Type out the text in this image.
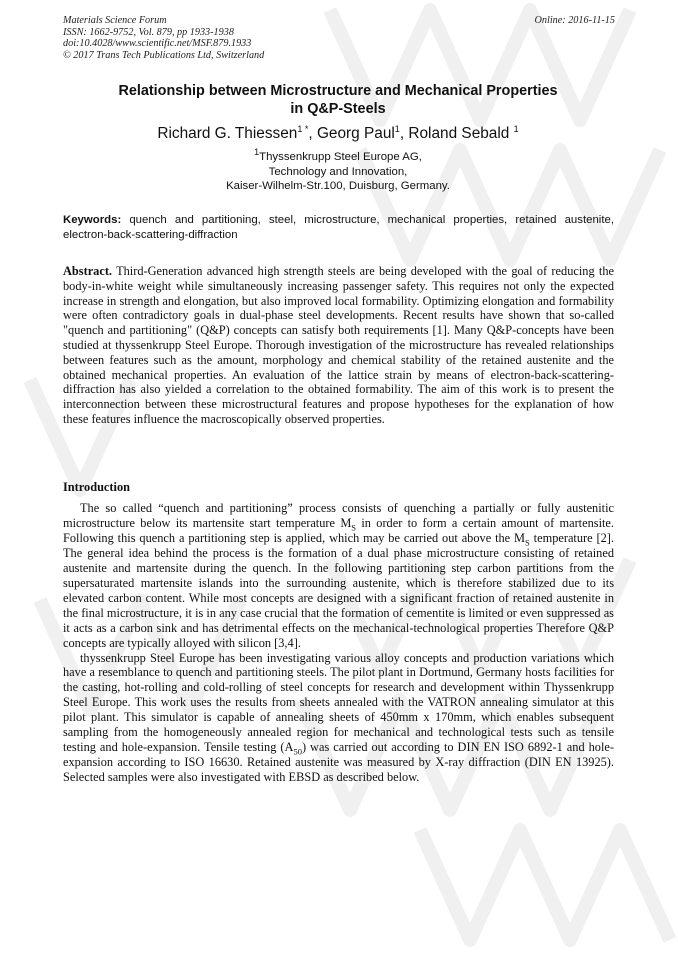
Materials Science Forum
ISSN: 1662-9752, Vol. 879, pp 1933-1938
doi:10.4028/www.scientific.net/MSF.879.1933
© 2017 Trans Tech Publications Ltd, Switzerland
Online: 2016-11-15
Relationship between Microstructure and Mechanical Properties
in Q&P-Steels
Richard G. Thiessen$^{1 *}$, Georg Paul$^1$, Roland Sebald $^1$
$^1$Thyssenkrupp Steel Europe AG,
Technology and Innovation,
Kaiser-Wilhelm-Str.100, Duisburg, Germany.
Keywords: quench and partitioning, steel, microstructure, mechanical properties, retained austenite, electron-back-scattering-diffraction

Abstract. Third-Generation advanced high strength steels are being developed with the goal of reducing the body-in-white weight while simultaneously increasing passenger safety. This requires not only the expected increase in strength and elongation, but also improved local formability. Optimizing elongation and formability were often contradictory goals in dual-phase steel developments. Recent results have shown that so-called "quench and partitioning" (Q&P) concepts can satisfy both requirements [1]. Many Q&P-concepts have been studied at thyssenkrupp Steel Europe. Thorough investigation of the microstructure has revealed relationships between features such as the amount, morphology and chemical stability of the retained austenite and the obtained mechanical properties. An evaluation of the lattice strain by means of electron-back-scattering-diffraction has also yielded a correlation to the obtained formability. The aim of this work is to present the interconnection between these microstructural features and propose hypotheses for the explanation of how these features influence the macroscopically observed properties.

Introduction

The so called “quench and partitioning” process consists of quenching a partially or fully austenitic microstructure below its martensite start temperature $M_S$ in order to form a certain amount of martensite. Following this quench a partitioning step is applied, which may be carried out above the $M_S$ temperature [2]. The general idea behind the process is the formation of a dual phase microstructure consisting of retained austenite and martensite during the quench. In the following partitioning step carbon partitions from the supersaturated martensite islands into the surrounding austenite, which is therefore stabilized due to its elevated carbon content. While most concepts are designed with a significant fraction of retained austenite in the final microstructure, it is in any case crucial that the formation of cementite is limited or even suppressed as it acts as a carbon sink and has detrimental effects on the mechanical-technological properties Therefore Q&P concepts are typically alloyed with silicon [3,4].

thyssenkrupp Steel Europe has been investigating various alloy concepts and production variations which have a resemblance to quench and partitioning steels. The pilot plant in Dortmund, Germany hosts facilities for the casting, hot-rolling and cold-rolling of steel concepts for research and development within Thyssenkrupp Steel Europe. This work uses the results from sheets annealed with the VATRON annealing simulator at this pilot plant. This simulator is capable of annealing sheets of 450mm x 170mm, which enables subsequent sampling from the homogeneously annealed region for mechanical and technological tests such as tensile testing and hole-expansion. Tensile testing $(A_{50})$ was carried out according to DIN EN ISO 6892-1 and hole-expansion according to ISO 16630. Retained austenite was measured by X-ray diffraction (DIN EN 13925). Selected samples were also investigated with EBSD as described below.
